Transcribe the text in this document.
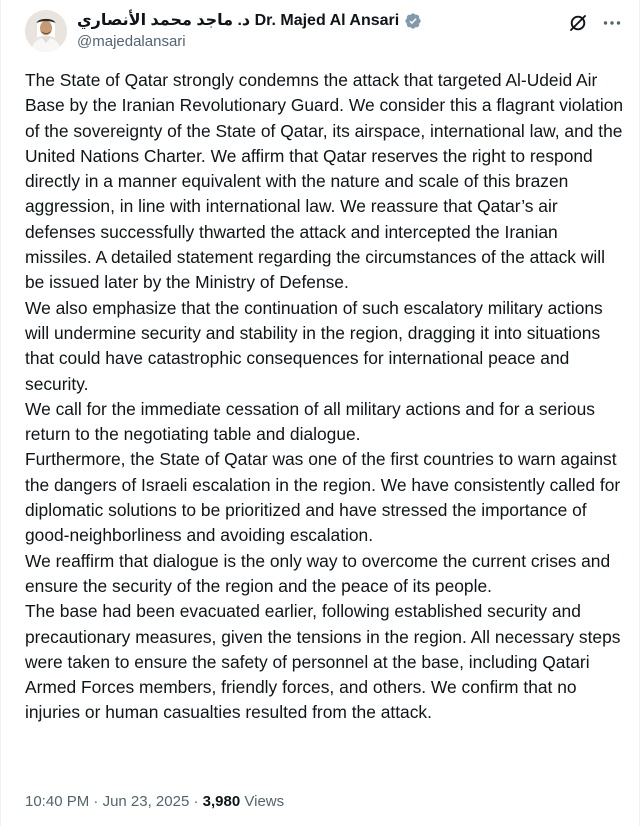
د. ماجد محمد الأنصاري Dr. Majed Al Ansari
@majedalansari

The State of Qatar strongly condemns the attack that targeted Al-Udeid Air Base by the Iranian Revolutionary Guard. We consider this a flagrant violation of the sovereignty of the State of Qatar, its airspace, international law, and the United Nations Charter. We affirm that Qatar reserves the right to respond directly in a manner equivalent with the nature and scale of this brazen aggression, in line with international law. We reassure that Qatar’s air defenses successfully thwarted the attack and intercepted the Iranian missiles. A detailed statement regarding the circumstances of the attack will be issued later by the Ministry of Defense.

We also emphasize that the continuation of such escalatory military actions will undermine security and stability in the region, dragging it into situations that could have catastrophic consequences for international peace and security.

We call for the immediate cessation of all military actions and for a serious return to the negotiating table and dialogue.

Furthermore, the State of Qatar was one of the first countries to warn against the dangers of Israeli escalation in the region. We have consistently called for diplomatic solutions to be prioritized and have stressed the importance of good-neighborliness and avoiding escalation.

We reaffirm that dialogue is the only way to overcome the current crises and ensure the security of the region and the peace of its people.

The base had been evacuated earlier, following established security and precautionary measures, given the tensions in the region. All necessary steps were taken to ensure the safety of personnel at the base, including Qatari Armed Forces members, friendly forces, and others. We confirm that no injuries or human casualties resulted from the attack.

10:40 PM · Jun 23, 2025 · 3,980 Views
